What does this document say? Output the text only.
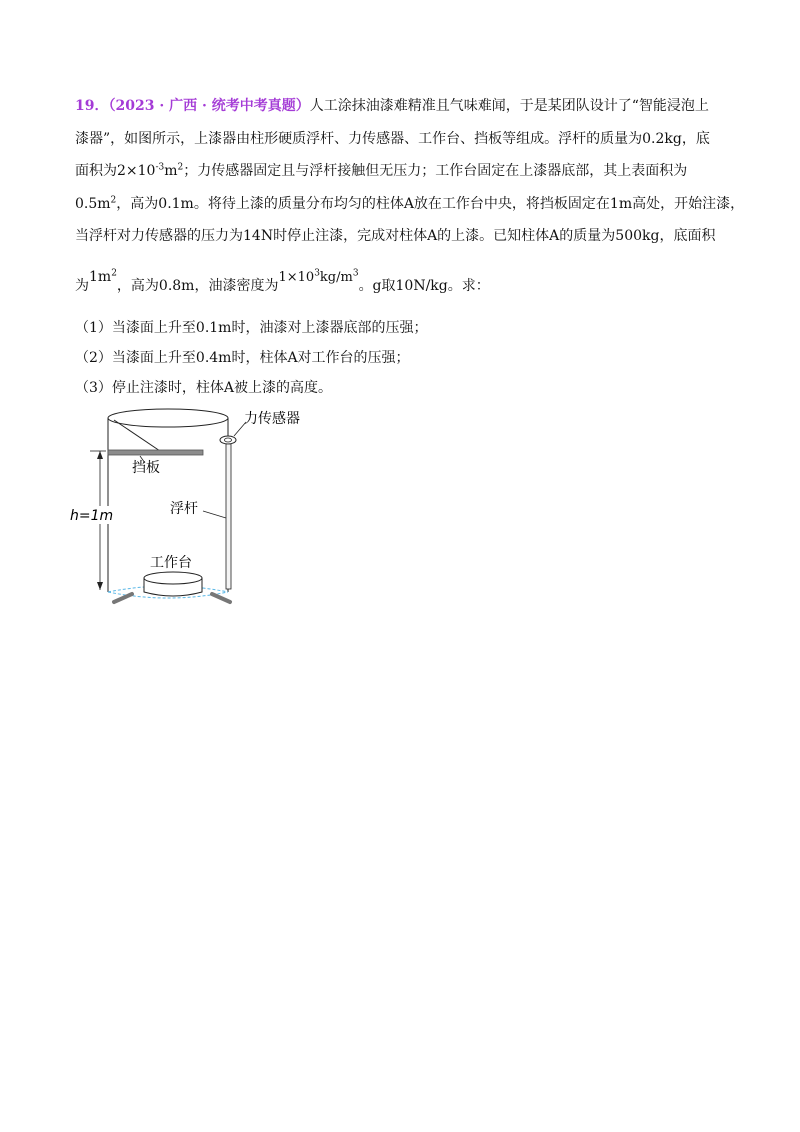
19．（2023 · 广西 · 统考中考真题）人工涂抹油漆难精准且气味难闻，于是某团队设计了“智能浸泡上
漆器”，如图所示，上漆器由柱形硬质浮杆、力传感器、工作台、挡板等组成。浮杆的质量为0.2kg，底
面积为$2\times 10^{-3}m^2$；力传感器固定且与浮杆接触但无压力；工作台固定在上漆器底部，其上表面积为
$0.5m^2$，高为0.1m。将待上漆的质量分布均匀的柱体A放在工作台中央，将挡板固定在1m高处，开始注漆，
当浮杆对力传感器的压力为14N时停止注漆，完成对柱体A的上漆。已知柱体A的质量为500kg，底面积
为$1m^2$，高为0.8m，油漆密度为$1\times 10^3kg/m^3$。g取10N/kg。求：
（1）当漆面上升至0.1m时，油漆对上漆器底部的压强；
（2）当漆面上升至0.4m时，柱体A对工作台的压强；
（3）停止注漆时，柱体A被上漆的高度。
挡板
力传感器
浮杆
h=1m
工作台
